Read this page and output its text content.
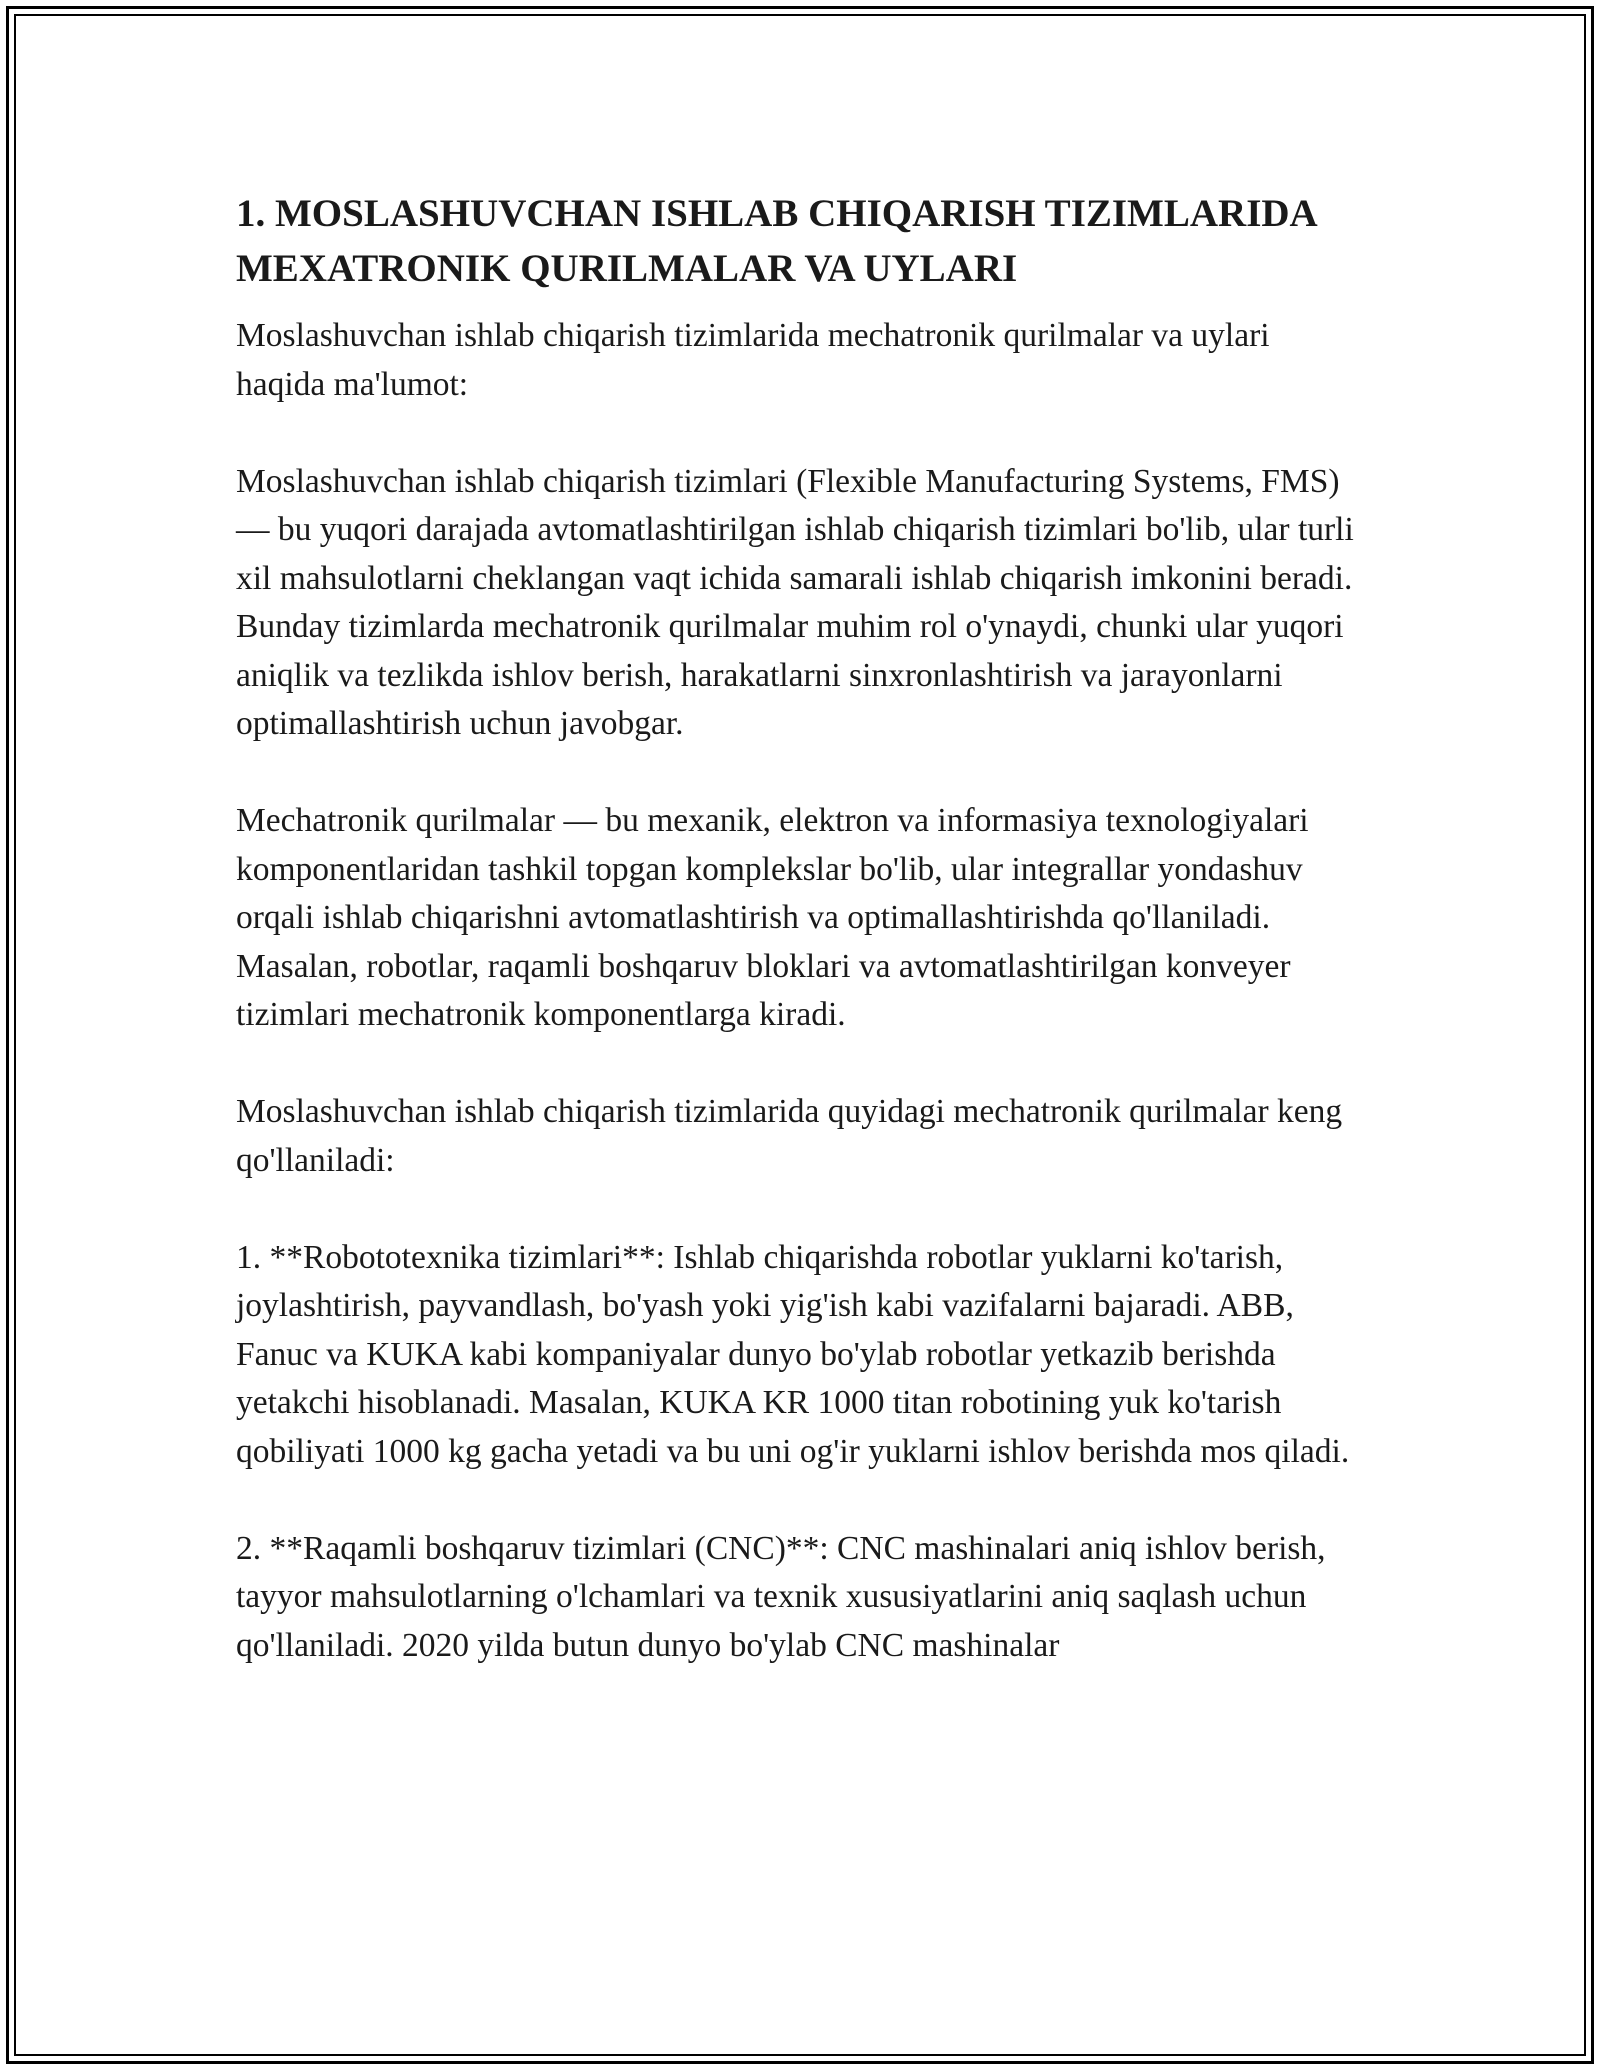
1. MOSLASHUVCHAN ISHLAB CHIQARISH TIZIMLARIDA MEXATRONIK QURILMALAR VA UYLARI

Moslashuvchan ishlab chiqarish tizimlarida mechatronik qurilmalar va uylari haqida ma'lumot:

Moslashuvchan ishlab chiqarish tizimlari (Flexible Manufacturing Systems, FMS) — bu yuqori darajada avtomatlashtirilgan ishlab chiqarish tizimlari bo'lib, ular turli xil mahsulotlarni cheklangan vaqt ichida samarali ishlab chiqarish imkonini beradi. Bunday tizimlarda mechatronik qurilmalar muhim rol o'ynaydi, chunki ular yuqori aniqlik va tezlikda ishlov berish, harakatlarni sinxronlashtirish va jarayonlarni optimallashtirish uchun javobgar.

Mechatronik qurilmalar — bu mexanik, elektron va informasiya texnologiyalari komponentlaridan tashkil topgan komplekslar bo'lib, ular integrallar yondashuv orqali ishlab chiqarishni avtomatlashtirish va optimallashtirishda qo'llaniladi. Masalan, robotlar, raqamli boshqaruv bloklari va avtomatlashtirilgan konveyer tizimlari mechatronik komponentlarga kiradi.

Moslashuvchan ishlab chiqarish tizimlarida quyidagi mechatronik qurilmalar keng qo'llaniladi:

1. **Robototexnika tizimlari**: Ishlab chiqarishda robotlar yuklarni ko'tarish, joylashtirish, payvandlash, bo'yash yoki yig'ish kabi vazifalarni bajaradi. ABB, Fanuc va KUKA kabi kompaniyalar dunyo bo'ylab robotlar yetkazib berishda yetakchi hisoblanadi. Masalan, KUKA KR 1000 titan robotining yuk ko'tarish qobiliyati 1000 kg gacha yetadi va bu uni og'ir yuklarni ishlov berishda mos qiladi.

2. **Raqamli boshqaruv tizimlari (CNC)**: CNC mashinalari aniq ishlov berish, tayyor mahsulotlarning o'lchamlari va texnik xususiyatlarini aniq saqlash uchun qo'llaniladi. 2020 yilda butun dunyo bo'ylab CNC mashinalar
